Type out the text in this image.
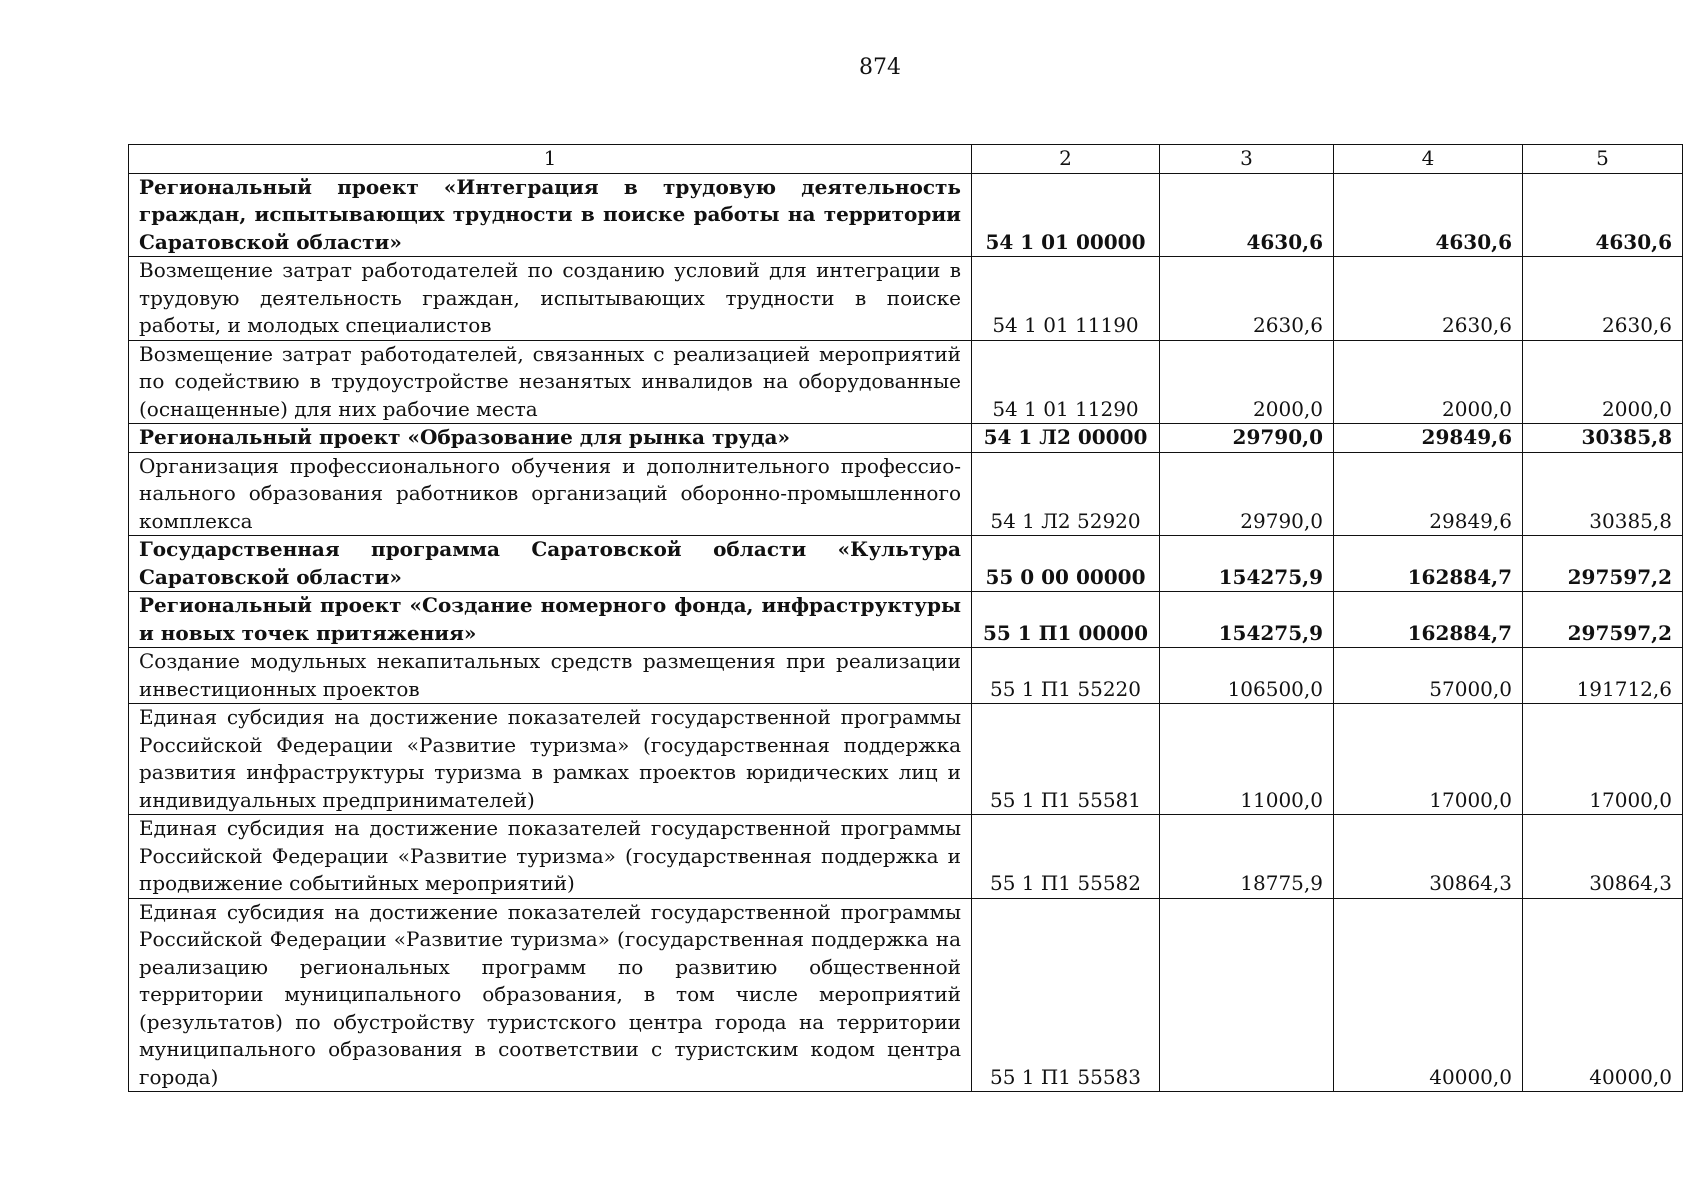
874
1	2	3	4	5
Региональный проект «Интеграция в трудовую деятельность граждан, испытывающих трудности в поиске работы на территории Саратовской области»	54 1 01 00000	4630,6	4630,6	4630,6
Возмещение затрат работодателей по созданию условий для интеграции в трудовую деятельность граждан, испытывающих трудности в поиске работы, и молодых специалистов	54 1 01 11190	2630,6	2630,6	2630,6
Возмещение затрат работодателей, связанных с реализацией мероприятий по содействию в трудоустройстве незанятых инвалидов на оборудованные (оснащенные) для них рабочие места	54 1 01 11290	2000,0	2000,0	2000,0
Региональный проект «Образование для рынка труда»	54 1 Л2 00000	29790,0	29849,6	30385,8
Организация профессионального обучения и дополнительного профессионального образования работников организаций оборонно-промышленного комплекса	54 1 Л2 52920	29790,0	29849,6	30385,8
Государственная программа Саратовской области «Культура Саратовской области»	55 0 00 00000	154275,9	162884,7	297597,2
Региональный проект «Создание номерного фонда, инфраструктуры и новых точек притяжения»	55 1 П1 00000	154275,9	162884,7	297597,2
Создание модульных некапитальных средств размещения при реализации инвестиционных проектов	55 1 П1 55220	106500,0	57000,0	191712,6
Единая субсидия на достижение показателей государственной программы Российской Федерации «Развитие туризма» (государственная поддержка развития инфраструктуры туризма в рамках проектов юридических лиц и индивидуальных предпринимателей)	55 1 П1 55581	11000,0	17000,0	17000,0
Единая субсидия на достижение показателей государственной программы Российской Федерации «Развитие туризма» (государственная поддержка и продвижение событийных мероприятий)	55 1 П1 55582	18775,9	30864,3	30864,3
Единая субсидия на достижение показателей государственной программы Российской Федерации «Развитие туризма» (государственная поддержка на реализацию региональных программ по развитию общественной территории муниципального образования, в том числе мероприятий (результатов) по обустройству туристского центра города на территории муниципального образования в соответствии с туристским кодом центра города)	55 1 П1 55583		40000,0	40000,0
